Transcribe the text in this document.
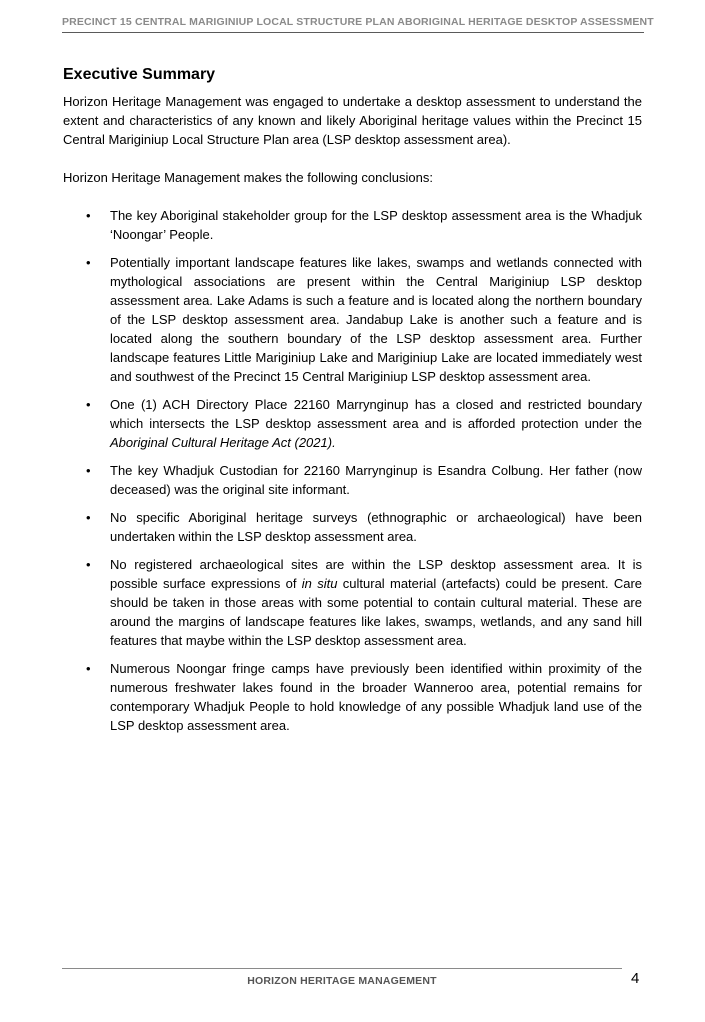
PRECINCT 15 CENTRAL MARIGINIUP LOCAL STRUCTURE PLAN ABORIGINAL HERITAGE DESKTOP ASSESSMENT
Executive Summary

Horizon Heritage Management was engaged to undertake a desktop assessment to understand the extent and characteristics of any known and likely Aboriginal heritage values within the Precinct 15 Central Mariginiup Local Structure Plan area (LSP desktop assessment area).

Horizon Heritage Management makes the following conclusions:

• The key Aboriginal stakeholder group for the LSP desktop assessment area is the Whadjuk ‘Noongar’ People.
• Potentially important landscape features like lakes, swamps and wetlands connected with mythological associations are present within the Central Mariginiup LSP desktop assessment area. Lake Adams is such a feature and is located along the northern boundary of the LSP desktop assessment area. Jandabup Lake is another such a feature and is located along the southern boundary of the LSP desktop assessment area. Further landscape features Little Mariginiup Lake and Mariginiup Lake are located immediately west and southwest of the Precinct 15 Central Mariginiup LSP desktop assessment area.
• One (1) ACH Directory Place 22160 Marrynginup has a closed and restricted boundary which intersects the LSP desktop assessment area and is afforded protection under the Aboriginal Cultural Heritage Act (2021).
• The key Whadjuk Custodian for 22160 Marrynginup is Esandra Colbung. Her father (now deceased) was the original site informant.
• No specific Aboriginal heritage surveys (ethnographic or archaeological) have been undertaken within the LSP desktop assessment area.
• No registered archaeological sites are within the LSP desktop assessment area. It is possible surface expressions of in situ cultural material (artefacts) could be present. Care should be taken in those areas with some potential to contain cultural material. These are around the margins of landscape features like lakes, swamps, wetlands, and any sand hill features that maybe within the LSP desktop assessment area.
• Numerous Noongar fringe camps have previously been identified within proximity of the numerous freshwater lakes found in the broader Wanneroo area, potential remains for contemporary Whadjuk People to hold knowledge of any possible Whadjuk land use of the LSP desktop assessment area.
HORIZON HERITAGE MANAGEMENT	4
